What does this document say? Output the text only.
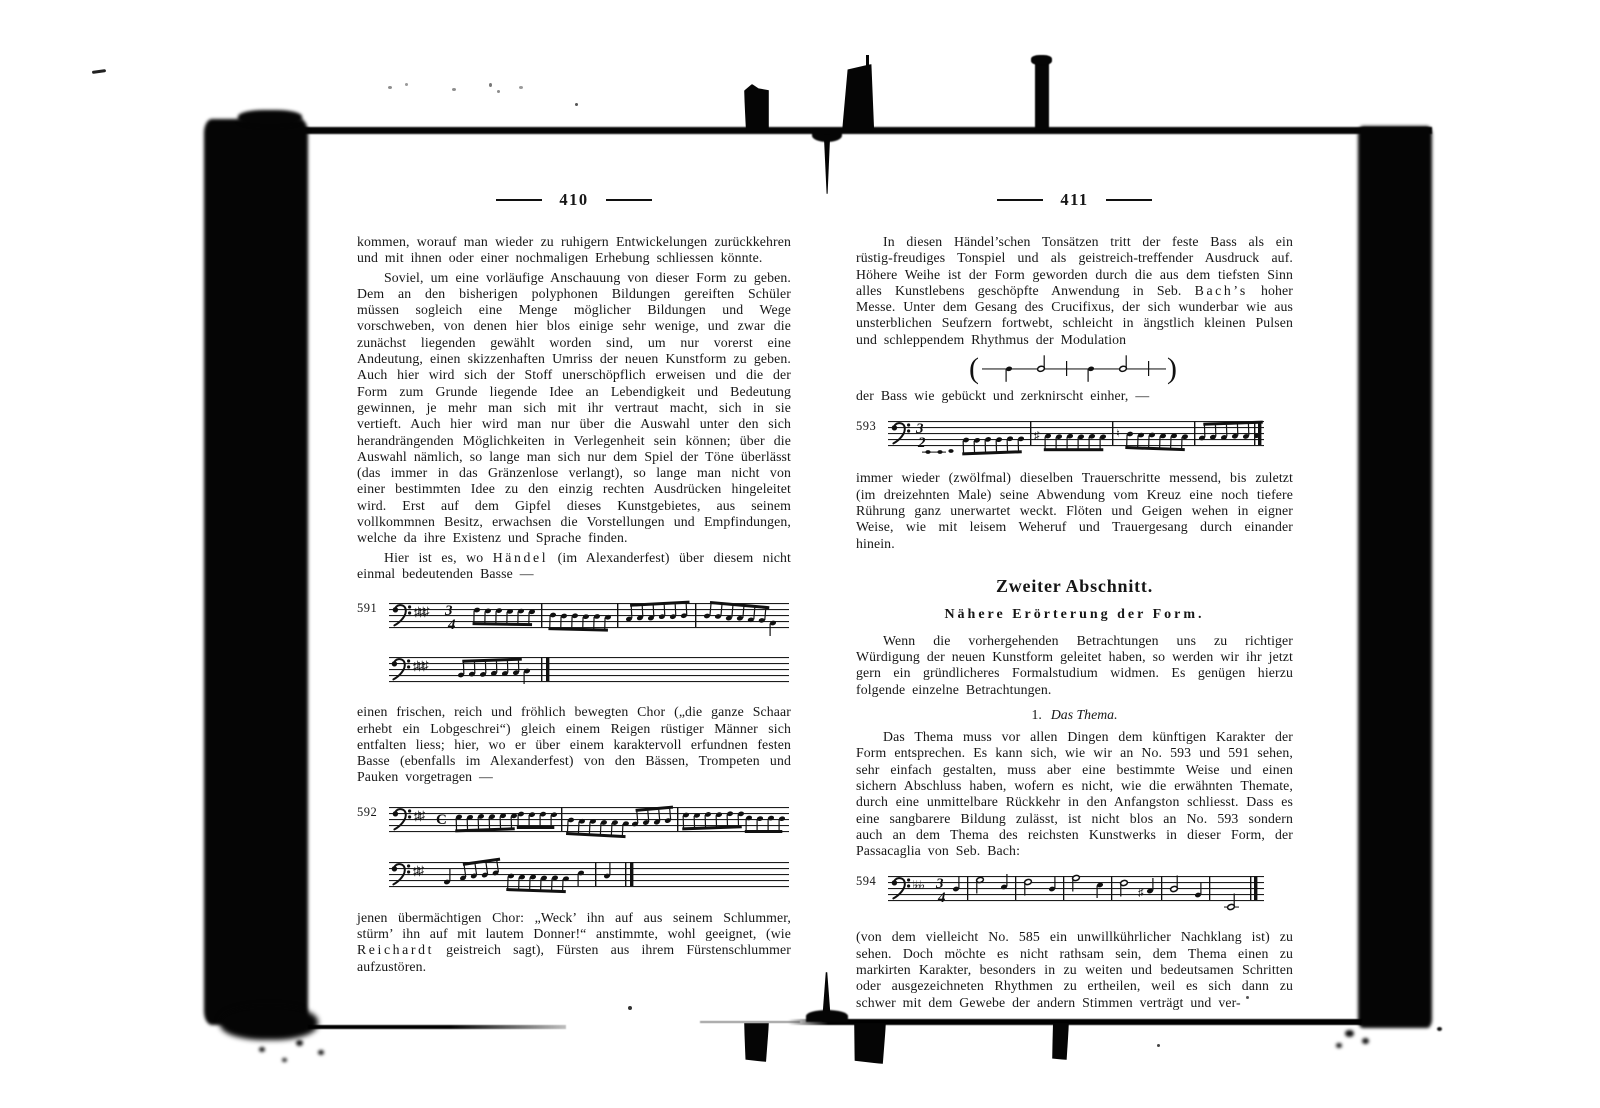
410

kommen, worauf man wieder zu ruhigern Entwickelungen zurückkehren und mit ihnen oder einer nochmaligen Erhebung schliessen könnte.

Soviel, um eine vorläufige Anschauung von dieser Form zu geben. Dem an den bisherigen polyphonen Bildungen gereiften Schüler müssen sogleich eine Menge möglicher Bildungen und Wege vorschweben, von denen hier blos einige sehr wenige, und zwar die zunächst liegenden gewählt worden sind, um nur vorerst eine Andeutung, einen skizzenhaften Umriss der neuen Kunstform zu geben. Auch hier wird sich der Stoff unerschöpflich erweisen und die der Form zum Grunde liegende Idee an Lebendigkeit und Bedeutung gewinnen, je mehr man sich mit ihr vertraut macht, sich in sie vertieft. Auch hier wird man nur über die Auswahl unter den sich herandrängenden Möglichkeiten in Verlegenheit sein können; über die Auswahl nämlich, so lange man sich nur dem Spiel der Töne überlässt (das immer in das Gränzenlose verlangt), so lange man nicht von einer bestimmten Idee zu den einzig rechten Ausdrücken hingeleitet wird. Erst auf dem Gipfel dieses Kunstgebietes, aus seinem vollkommnen Besitz, erwachsen die Vorstellungen und Empfindungen, welche da ihre Existenz und Sprache finden.

Hier ist es, wo Händel (im Alexanderfest) über diesem nicht einmal bedeutenden Basse —

591	♯♯♯ 3
4
♯♯♯

einen frischen, reich und fröhlich bewegten Chor („die ganze Schaar erhebt ein Lobgeschrei“) gleich einem Reigen rüstiger Männer sich entfalten liess; hier, wo er über einem karaktervoll erfundnen festen Basse (ebenfalls im Alexanderfest) von den Bässen, Trompeten und Pauken vorgetragen —

592	♯♯ C
♯♯

jenen übermächtigen Chor: „Weck’ ihn auf aus seinem Schlummer, stürm’ ihn auf mit lautem Donner!“ anstimmte, wohl geeignet, (wie Reichardt geistreich sagt), Fürsten aus ihrem Fürstenschlummer aufzustören.

411

In diesen Händel’schen Tonsätzen tritt der feste Bass als ein rüstig-freudiges Tonspiel und als geistreich-treffender Ausdruck auf. Höhere Weihe ist der Form geworden durch die aus dem tiefsten Sinn alles Kunstlebens geschöpfte Anwendung in Seb. Bach’s hoher Messe. Unter dem Gesang des Crucifixus, der sich wunderbar wie aus unsterblichen Seufzern fortwebt, schleicht in ängstlich kleinen Pulsen und schleppendem Rhythmus der Modulation

(	)

der Bass wie gebückt und zerknirscht einher, —

593	3
2	♯	♮

immer wieder (zwölfmal) dieselben Trauerschritte messend, bis zuletzt (im dreizehnten Male) seine Abwendung vom Kreuz eine noch tiefere Rührung ganz unerwartet weckt. Flöten und Geigen wehen in eigner Weise, wie mit leisem Weheruf und Trauergesang durch einander hinein.

Zweiter Abschnitt.
Nähere Erörterung der Form.

Wenn die vorhergehenden Betrachtungen uns zu richtiger Würdigung der neuen Kunstform geleitet haben, so werden wir ihr jetzt gern ein gründlicheres Formalstudium widmen. Es genügen hierzu folgende einzelne Betrachtungen.

1. Das Thema.

Das Thema muss vor allen Dingen dem künftigen Karakter der Form entsprechen. Es kann sich, wie wir an No. 593 und 591 sehen, sehr einfach gestalten, muss aber eine bestimmte Weise und einen sichern Abschluss haben, wofern es nicht, wie die erwähnten Themate, durch eine unmittelbare Rückkehr in den Anfangston schliesst. Dass es eine sangbarere Bildung zulässt, ist nicht blos an No. 593 sondern auch an dem Thema des reichsten Kunstwerks in dieser Form, der Passacaglia von Seb. Bach:

594	♭♭♭ 3
4	♯

(von dem vielleicht No. 585 ein unwillkührlicher Nachklang ist) zu sehen. Doch möchte es nicht rathsam sein, dem Thema einen zu markirten Karakter, besonders in zu weiten und bedeutsamen Schritten oder ausgezeichneten Rhythmen zu ertheilen, weil es sich dann zu schwer mit dem Gewebe der andern Stimmen verträgt und ver-
